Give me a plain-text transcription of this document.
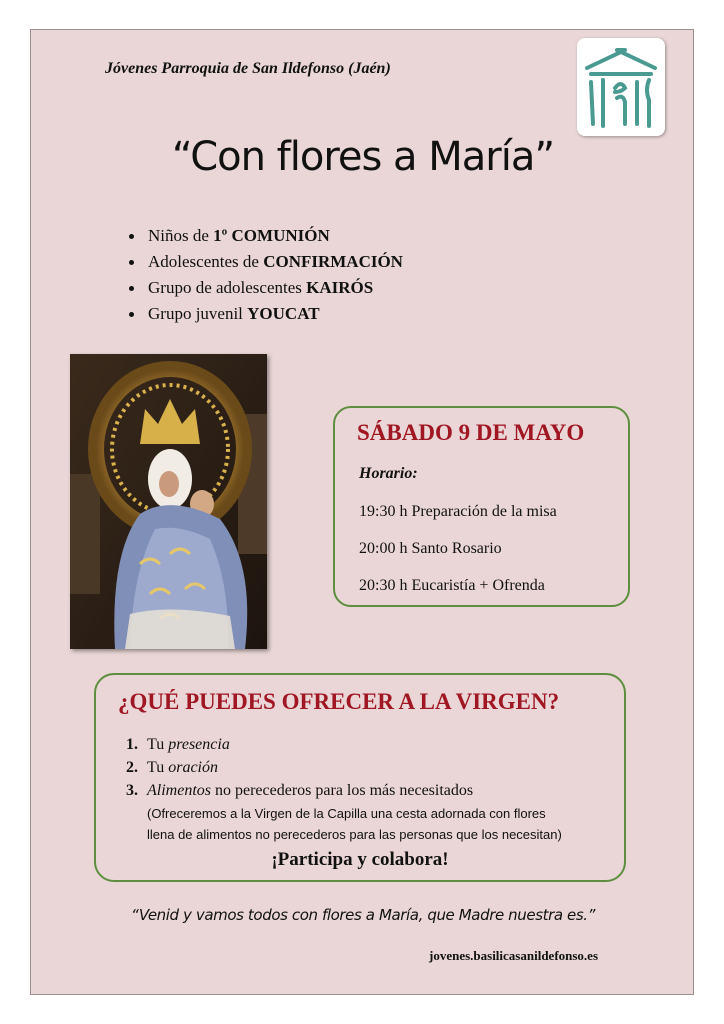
Jóvenes Parroquia de San Ildefonso (Jaén)
“Con flores a María”
Niños de 1º COMUNIÓN
Adolescentes de CONFIRMACIÓN
Grupo de adolescentes KAIRÓS
Grupo juvenil YOUCAT
SÁBADO 9 DE MAYO
Horario:
19:30 h Preparación de la misa
20:00 h Santo Rosario
20:30 h Eucaristía + Ofrenda
¿QUÉ PUEDES OFRECER A LA VIRGEN?
1. Tu presencia
2. Tu oración
3. Alimentos no perecederos para los más necesitados
(Ofreceremos a la Virgen de la Capilla una cesta adornada con flores
llena de alimentos no perecederos para las personas que los necesitan)
¡Participa y colabora!
“Venid y vamos todos con flores a María, que Madre nuestra es.”
jovenes.basilicasanildefonso.es
